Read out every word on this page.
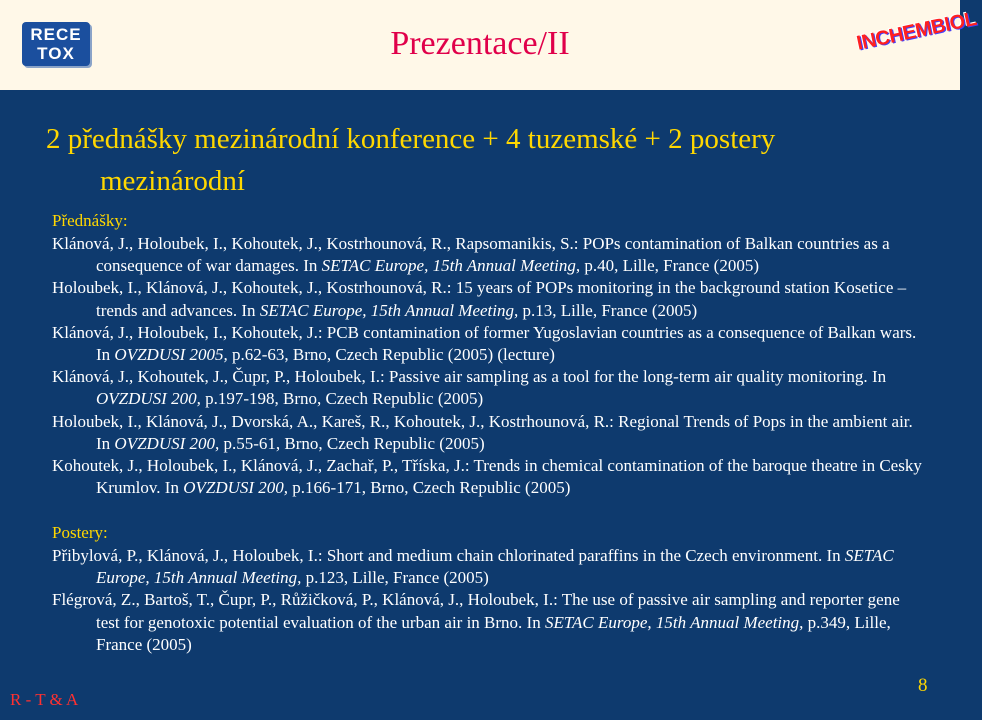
RECE
TOX	Prezentace/II	INCHEMBIOL
2 přednášky mezinárodní konference + 4 tuzemské + 2 postery
mezinárodní
Přednášky:

Klánová, J., Holoubek, I., Kohoutek, J., Kostrhounová, R., Rapsomanikis, S.: POPs contamination of Balkan countries as a consequence of war damages. In SETAC Europe, 15th Annual Meeting, p.40, Lille, France (2005)

Holoubek, I., Klánová, J., Kohoutek, J., Kostrhounová, R.: 15 years of POPs monitoring in the background station Kosetice – trends and advances. In SETAC Europe, 15th Annual Meeting, p.13, Lille, France (2005)

Klánová, J., Holoubek, I., Kohoutek, J.: PCB contamination of former Yugoslavian countries as a consequence of Balkan wars. In OVZDUSI 2005, p.62-63, Brno, Czech Republic (2005) (lecture)

Klánová, J., Kohoutek, J., Čupr, P., Holoubek, I.: Passive air sampling as a tool for the long-term air quality monitoring. In OVZDUSI 200, p.197-198, Brno, Czech Republic (2005)

Holoubek, I., Klánová, J., Dvorská, A., Kareš, R., Kohoutek, J., Kostrhounová, R.: Regional Trends of Pops in the ambient air. In OVZDUSI 200, p.55-61, Brno, Czech Republic (2005)

Kohoutek, J., Holoubek, I., Klánová, J., Zachař, P., Tříska, J.: Trends in chemical contamination of the baroque theatre in Cesky Krumlov. In OVZDUSI 200, p.166-171, Brno, Czech Republic (2005)

Postery:

Přibylová, P., Klánová, J., Holoubek, I.: Short and medium chain chlorinated paraffins in the Czech environment. In SETAC Europe, 15th Annual Meeting, p.123, Lille, France (2005)

Flégrová, Z., Bartoš, T., Čupr, P., Růžičková, P., Klánová, J., Holoubek, I.: The use of passive air sampling and reporter gene test for genotoxic potential evaluation of the urban air in Brno. In SETAC Europe, 15th Annual Meeting, p.349, Lille, France (2005)

R - T & A
8
